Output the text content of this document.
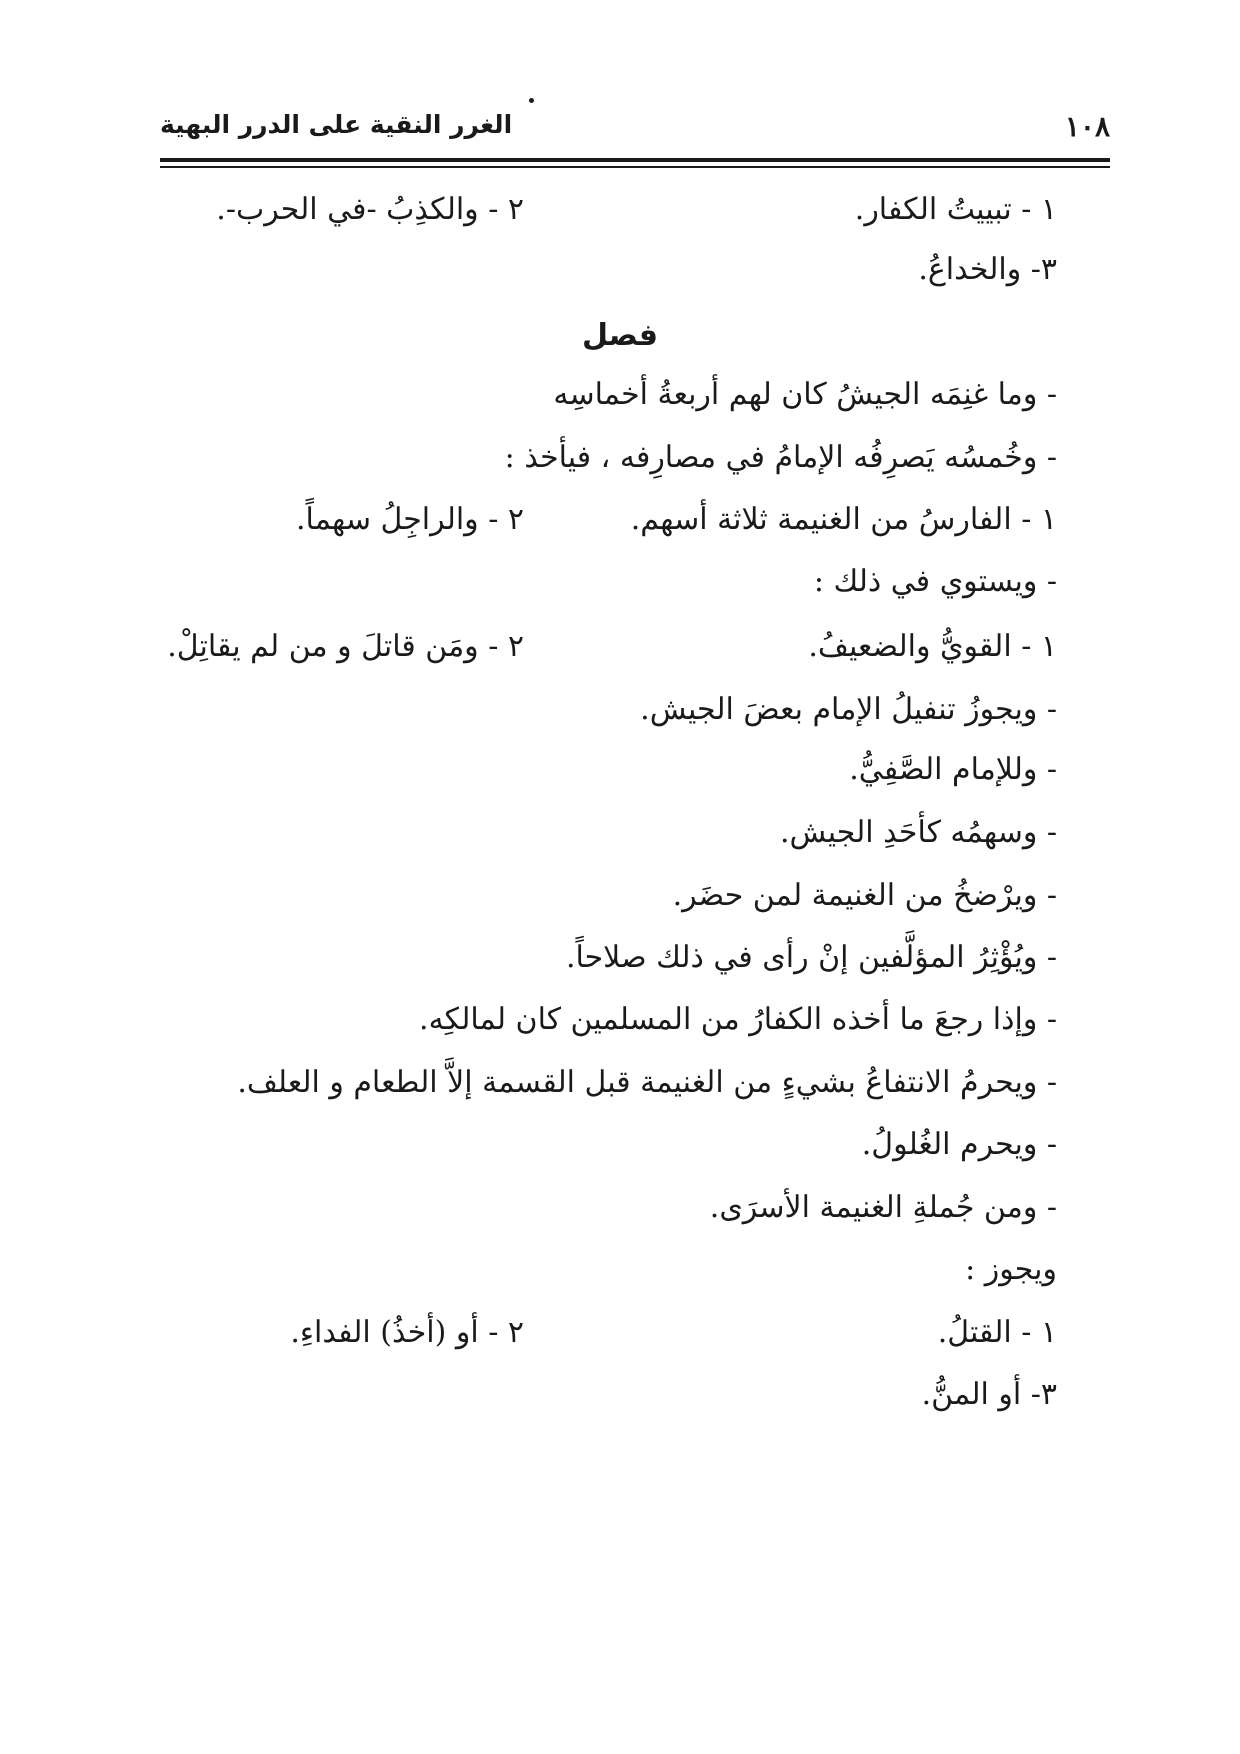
الغرر النقية على الدرر البهية	١٠٨
١ - تبييتُ الكفار.
٢ - والكذِبُ -في الحرب-.
٣- والخداعُ.
فصل
- وما غنِمَه الجيشُ كان لهم أربعةُ أخماسِه
- وخُمسُه يَصرِفُه الإمامُ في مصارِفه ، فيأخذ :
١ - الفارسُ من الغنيمة ثلاثة أسهم.
٢ - والراجِلُ سهماً.
- ويستوي في ذلك :
١ - القويُّ والضعيفُ.
٢ - ومَن قاتلَ و من لم يقاتِلْ.
- ويجوزُ تنفيلُ الإمام بعضَ الجيش.
- وللإمام الصَّفِيُّ.
- وسهمُه كأحَدِ الجيش.
- ويرْضخُ من الغنيمة لمن حضَر.
- ويُؤْثِرُ المؤلَّفين إنْ رأى في ذلك صلاحاً.
- وإذا رجعَ ما أخذه الكفارُ من المسلمين كان لمالكِه.
- ويحرمُ الانتفاعُ بشيءٍ من الغنيمة قبل القسمة إلاَّ الطعام و العلف.
- ويحرم الغُلولُ.
- ومن جُملةِ الغنيمة الأسرَى.
ويجوز :
١ - القتلُ.
٢ - أو (أخذُ) الفداءِ.
٣- أو المنُّ.
